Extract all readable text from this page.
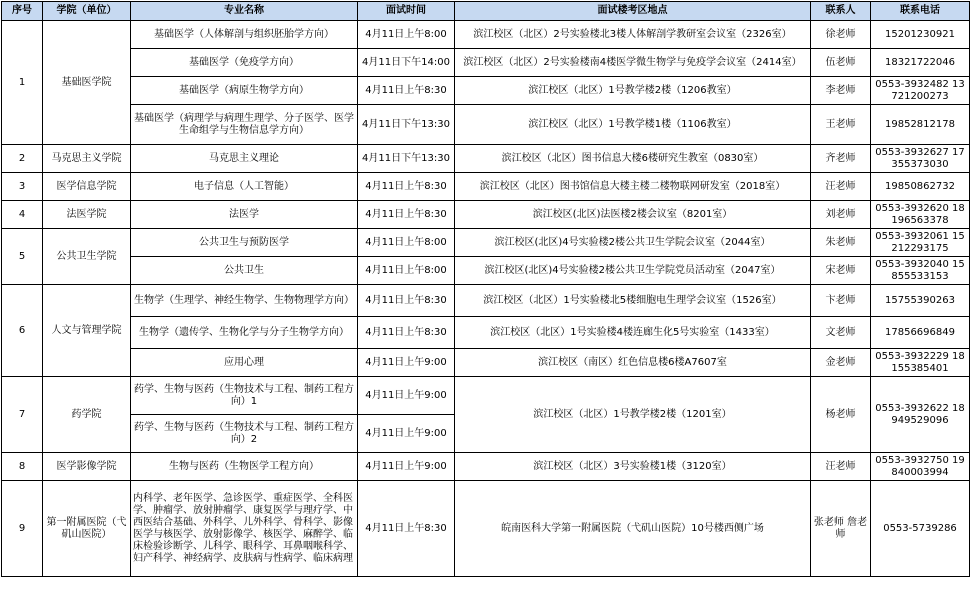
序号	学院（单位）	专业名称	面试时间	面试楼考区地点	联系人	联系电话
1	基础医学院	基础医学（人体解剖与组织胚胎学方向）	4月11日上午8:00	滨江校区（北区）2号实验楼北3楼人体解剖学教研室会议室（2326室）	徐老师	15201230921
		基础医学（免疫学方向）	4月11日下午14:00	滨江校区（北区）2号实验楼南4楼医学微生物学与免疫学会议室（2414室）	伍老师	18321722046
		基础医学（病原生物学方向）	4月11日上午8:30	滨江校区（北区）1号教学楼2楼（1206教室）	李老师	0553-3932482 13721200273
		基础医学（病理学与病理生理学、分子医学、医学生命组学与生物信息学方向）	4月11日下午13:30	滨江校区（北区）1号教学楼1楼（1106教室）	王老师	19852812178
2	马克思主义学院	马克思主义理论	4月11日下午13:30	滨江校区（北区）图书信息大楼6楼研究生教室（0830室）	齐老师	0553-3932627 17355373030
3	医学信息学院	电子信息（人工智能）	4月11日上午8:30	滨江校区（北区）图书馆信息大楼主楼二楼物联网研发室（2018室）	汪老师	19850862732
4	法医学院	法医学	4月11日上午8:30	滨江校区(北区)法医楼2楼会议室（8201室）	刘老师	0553-3932620 18196563378
5	公共卫生学院	公共卫生与预防医学	4月11日上午8:00	滨江校区(北区)4号实验楼2楼公共卫生学院会议室（2044室）	朱老师	0553-3932061 15212293175
		公共卫生	4月11日上午8:00	滨江校区(北区)4号实验楼2楼公共卫生学院党员活动室（2047室）	宋老师	0553-3932040 15855533153
6	人文与管理学院	生物学（生理学、神经生物学、生物物理学方向）	4月11日上午8:30	滨江校区（北区）1号实验楼北5楼细胞电生理学会议室（1526室）	卞老师	15755390263
		生物学（遗传学、生物化学与分子生物学方向）	4月11日上午8:30	滨江校区（北区）1号实验楼4楼连廊生化5号实验室（1433室）	文老师	17856696849
		应用心理	4月11日上午9:00	滨江校区（南区）红色信息楼6楼A7607室	金老师	0553-3932229 18155385401
7	药学院	药学、生物与医药（生物技术与工程、制药工程方向）1	4月11日上午9:00	滨江校区（北区）1号教学楼2楼（1201室）	杨老师	0553-3932622 18949529096
		药学、生物与医药（生物技术与工程、制药工程方向）2	4月11日上午9:00			
8	医学影像学院	生物与医药（生物医学工程方向）	4月11日上午9:00	滨江校区（北区）3号实验楼1楼（3120室）	汪老师	0553-3932750 19840003994
9	第一附属医院（弋矶山医院）	内科学、老年医学、急诊医学、重症医学、全科医学、肿瘤学、放射肿瘤学、康复医学与理疗学、中西医结合基础、外科学、儿外科学、骨科学、影像医学与核医学、放射影像学、核医学、麻醉学、临床检验诊断学、儿科学、眼科学、耳鼻咽喉科学、妇产科学、神经病学、皮肤病与性病学、临床病理	4月11日上午8:30	皖南医科大学第一附属医院（弋矶山医院）10号楼西侧广场	张老师 詹老师	0553-5739286
